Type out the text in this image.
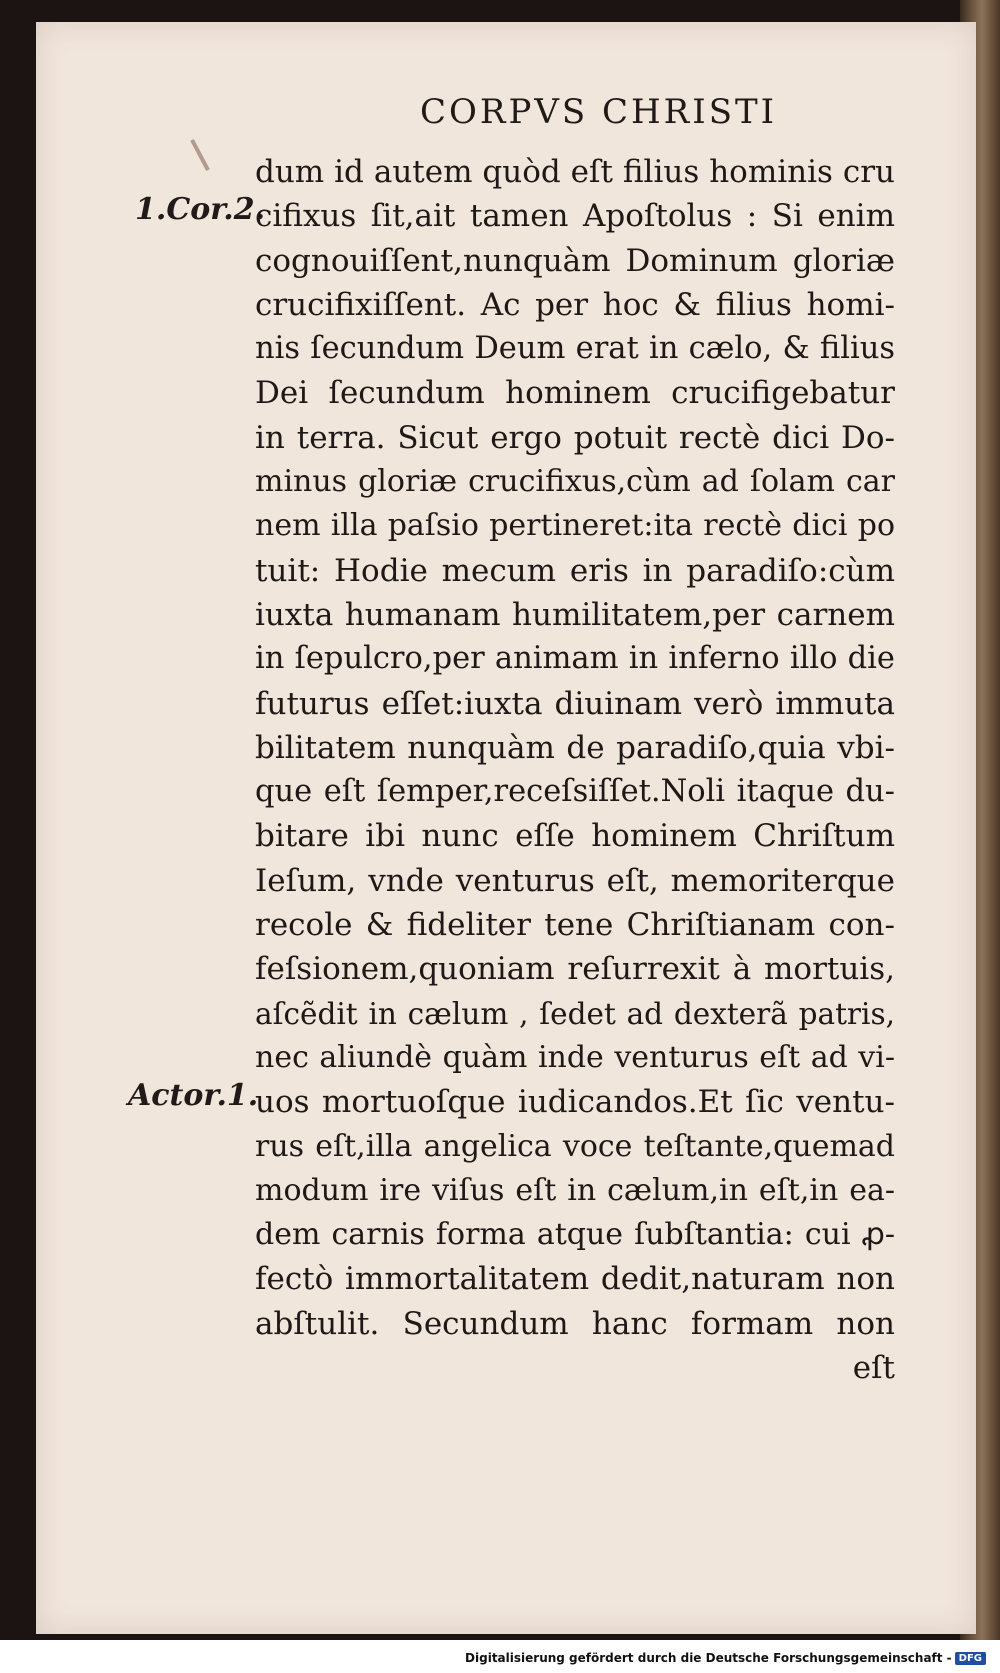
CORPVS CHRISTI
1.Cor.2.
Actor.1.
dum id autem quòd eſt filius hominis cru
cifixus ſit,ait tamen Apoſtolus : Si enim
cognouiſſent,nunquàm Dominum gloriæ
crucifixiſſent. Ac per hoc & filius homi-
nis ſecundum Deum erat in cælo, & filius
Dei ſecundum hominem crucifigebatur
in terra. Sicut ergo potuit rectè dici Do-
minus gloriæ crucifixus,cùm ad ſolam car
nem illa paſsio pertineret:ita rectè dici po
tuit: Hodie mecum eris in paradiſo:cùm
iuxta humanam humilitatem,per carnem
in ſepulcro,per animam in inferno illo die
futurus eſſet:iuxta diuinam verò immuta
bilitatem nunquàm de paradiſo,quia vbi-
que eſt ſemper,receſsiſſet.Noli itaque du-
bitare ibi nunc eſſe hominem Chriſtum
Ieſum, vnde venturus eſt, memoriterque
recole & fideliter tene Chriſtianam con-
feſsionem,quoniam reſurrexit à mortuis,
aſcẽdit in cælum , ſedet ad dexterã patris,
nec aliundè quàm inde venturus eſt ad vi-
uos mortuoſque iudicandos.Et ſic ventu-
rus eſt,illa angelica voce teſtante,quemad
modum ire viſus eſt in cælum,in eſt,in ea-
dem carnis forma atque ſubſtantia: cui ꝓ-
fectò immortalitatem dedit,naturam non
abſtulit. Secundum hanc formam non
eſt
Digitalisierung gefördert durch die Deutsche Forschungsgemeinschaft - DFG
